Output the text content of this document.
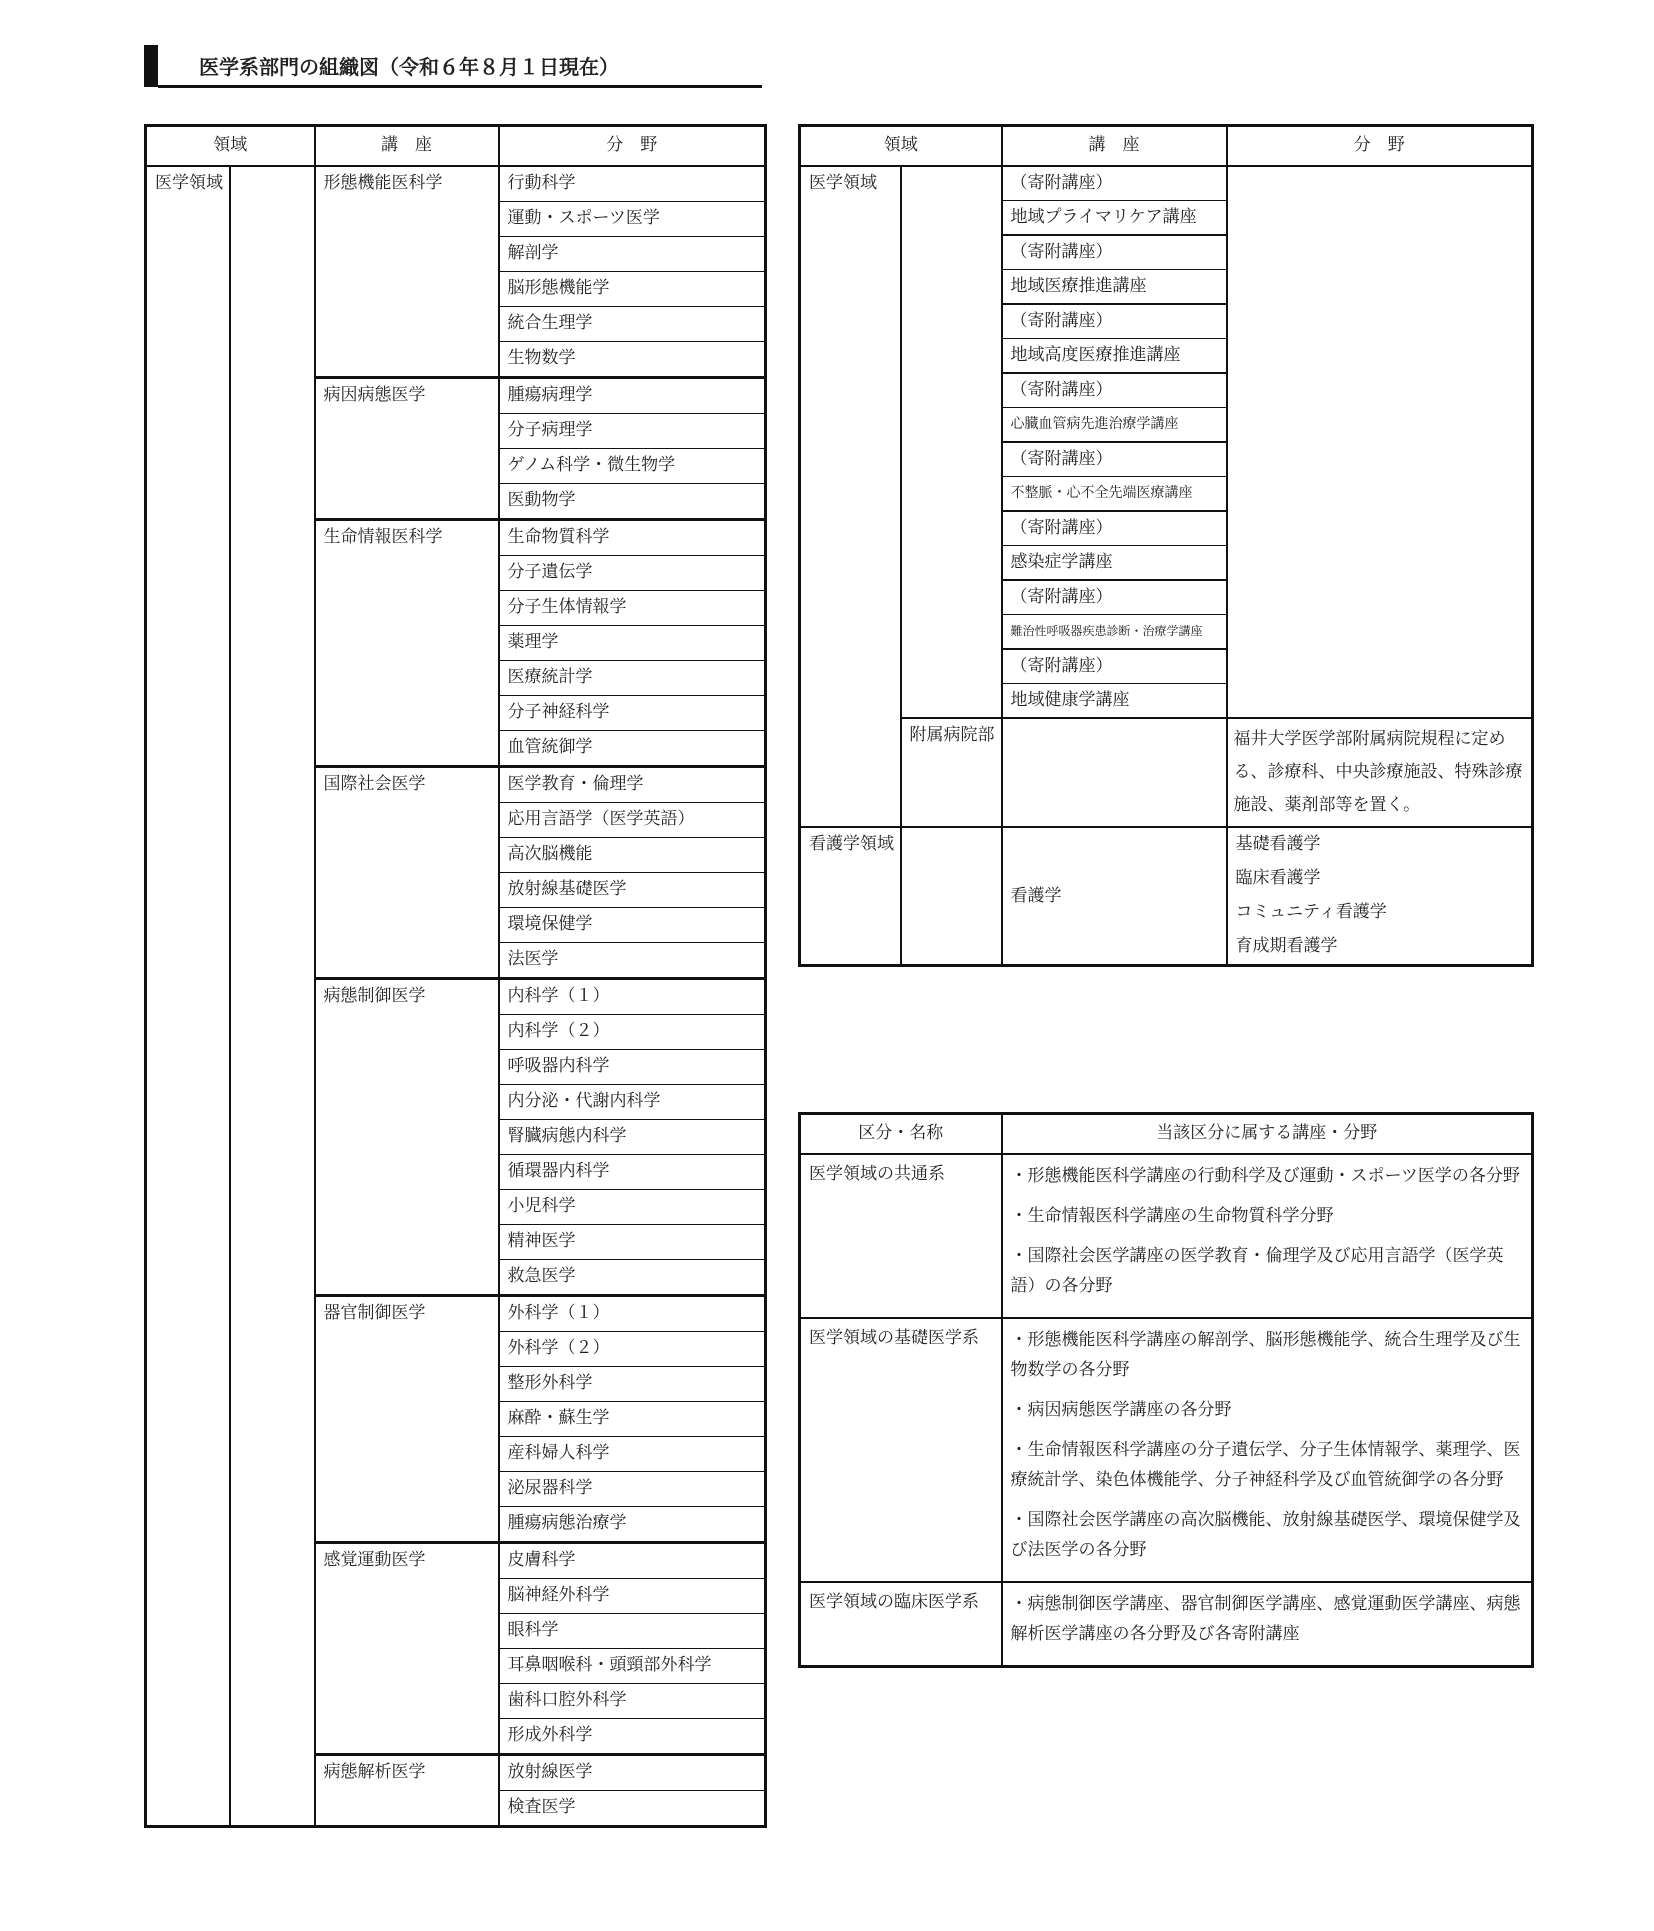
医学系部門の組織図（令和６年８月１日現在）
領域		講　座	分　野
医学領域		形態機能医科学	行動科学
			運動・スポーツ医学
			解剖学
			脳形態機能学
			統合生理学
			生物数学
		病因病態医学	腫瘍病理学
			分子病理学
			ゲノム科学・微生物学
			医動物学
		生命情報医科学	生命物質科学
			分子遺伝学
			分子生体情報学
			薬理学
			医療統計学
			分子神経科学
			血管統御学
		国際社会医学	医学教育・倫理学
			応用言語学（医学英語）
			高次脳機能
			放射線基礎医学
			環境保健学
			法医学
		病態制御医学	内科学（１）
			内科学（２）
			呼吸器内科学
			内分泌・代謝内科学
			腎臓病態内科学
			循環器内科学
			小児科学
			精神医学
			救急医学
		器官制御医学	外科学（１）
			外科学（２）
			整形外科学
			麻酔・蘇生学
			産科婦人科学
			泌尿器科学
			腫瘍病態治療学
		感覚運動医学	皮膚科学
			脳神経外科学
			眼科学
			耳鼻咽喉科・頭頸部外科学
			歯科口腔外科学
			形成外科学
		病態解析医学	放射線医学
			検査医学
領域		講　座	分　野
医学領域		（寄附講座）	
		地域プライマリケア講座	
		（寄附講座）	
		地域医療推進講座	
		（寄附講座）	
		地域高度医療推進講座	
		（寄附講座）	
		心臓血管病先進治療学講座	
		（寄附講座）	
		不整脈・心不全先端医療講座	
		（寄附講座）	
		感染症学講座	
		（寄附講座）	
		難治性呼吸器疾患診断・治療学講座	
		（寄附講座）	
		地域健康学講座	
	附属病院部		福井大学医学部附属病院規程に定める、診療科、中央診療施設、特殊診療施設、薬剤部等を置く。
看護学領域		看護学	基礎看護学
			臨床看護学
			コミュニティ看護学
			育成期看護学
区分・名称	当該区分に属する講座・分野
医学領域の共通系	・形態機能医科学講座の行動科学及び運動・スポーツ医学の各分野
・生命情報医科学講座の生命物質科学分野
・国際社会医学講座の医学教育・倫理学及び応用言語学（医学英語）の各分野

医学領域の基礎医学系	・形態機能医科学講座の解剖学、脳形態機能学、統合生理学及び生物数学の各分野
・病因病態医学講座の各分野
・生命情報医科学講座の分子遺伝学、分子生体情報学、薬理学、医療統計学、染色体機能学、分子神経科学及び血管統御学の各分野
・国際社会医学講座の高次脳機能、放射線基礎医学、環境保健学及び法医学の各分野

医学領域の臨床医学系	・病態制御医学講座、器官制御医学講座、感覚運動医学講座、病態解析医学講座の各分野及び各寄附講座
